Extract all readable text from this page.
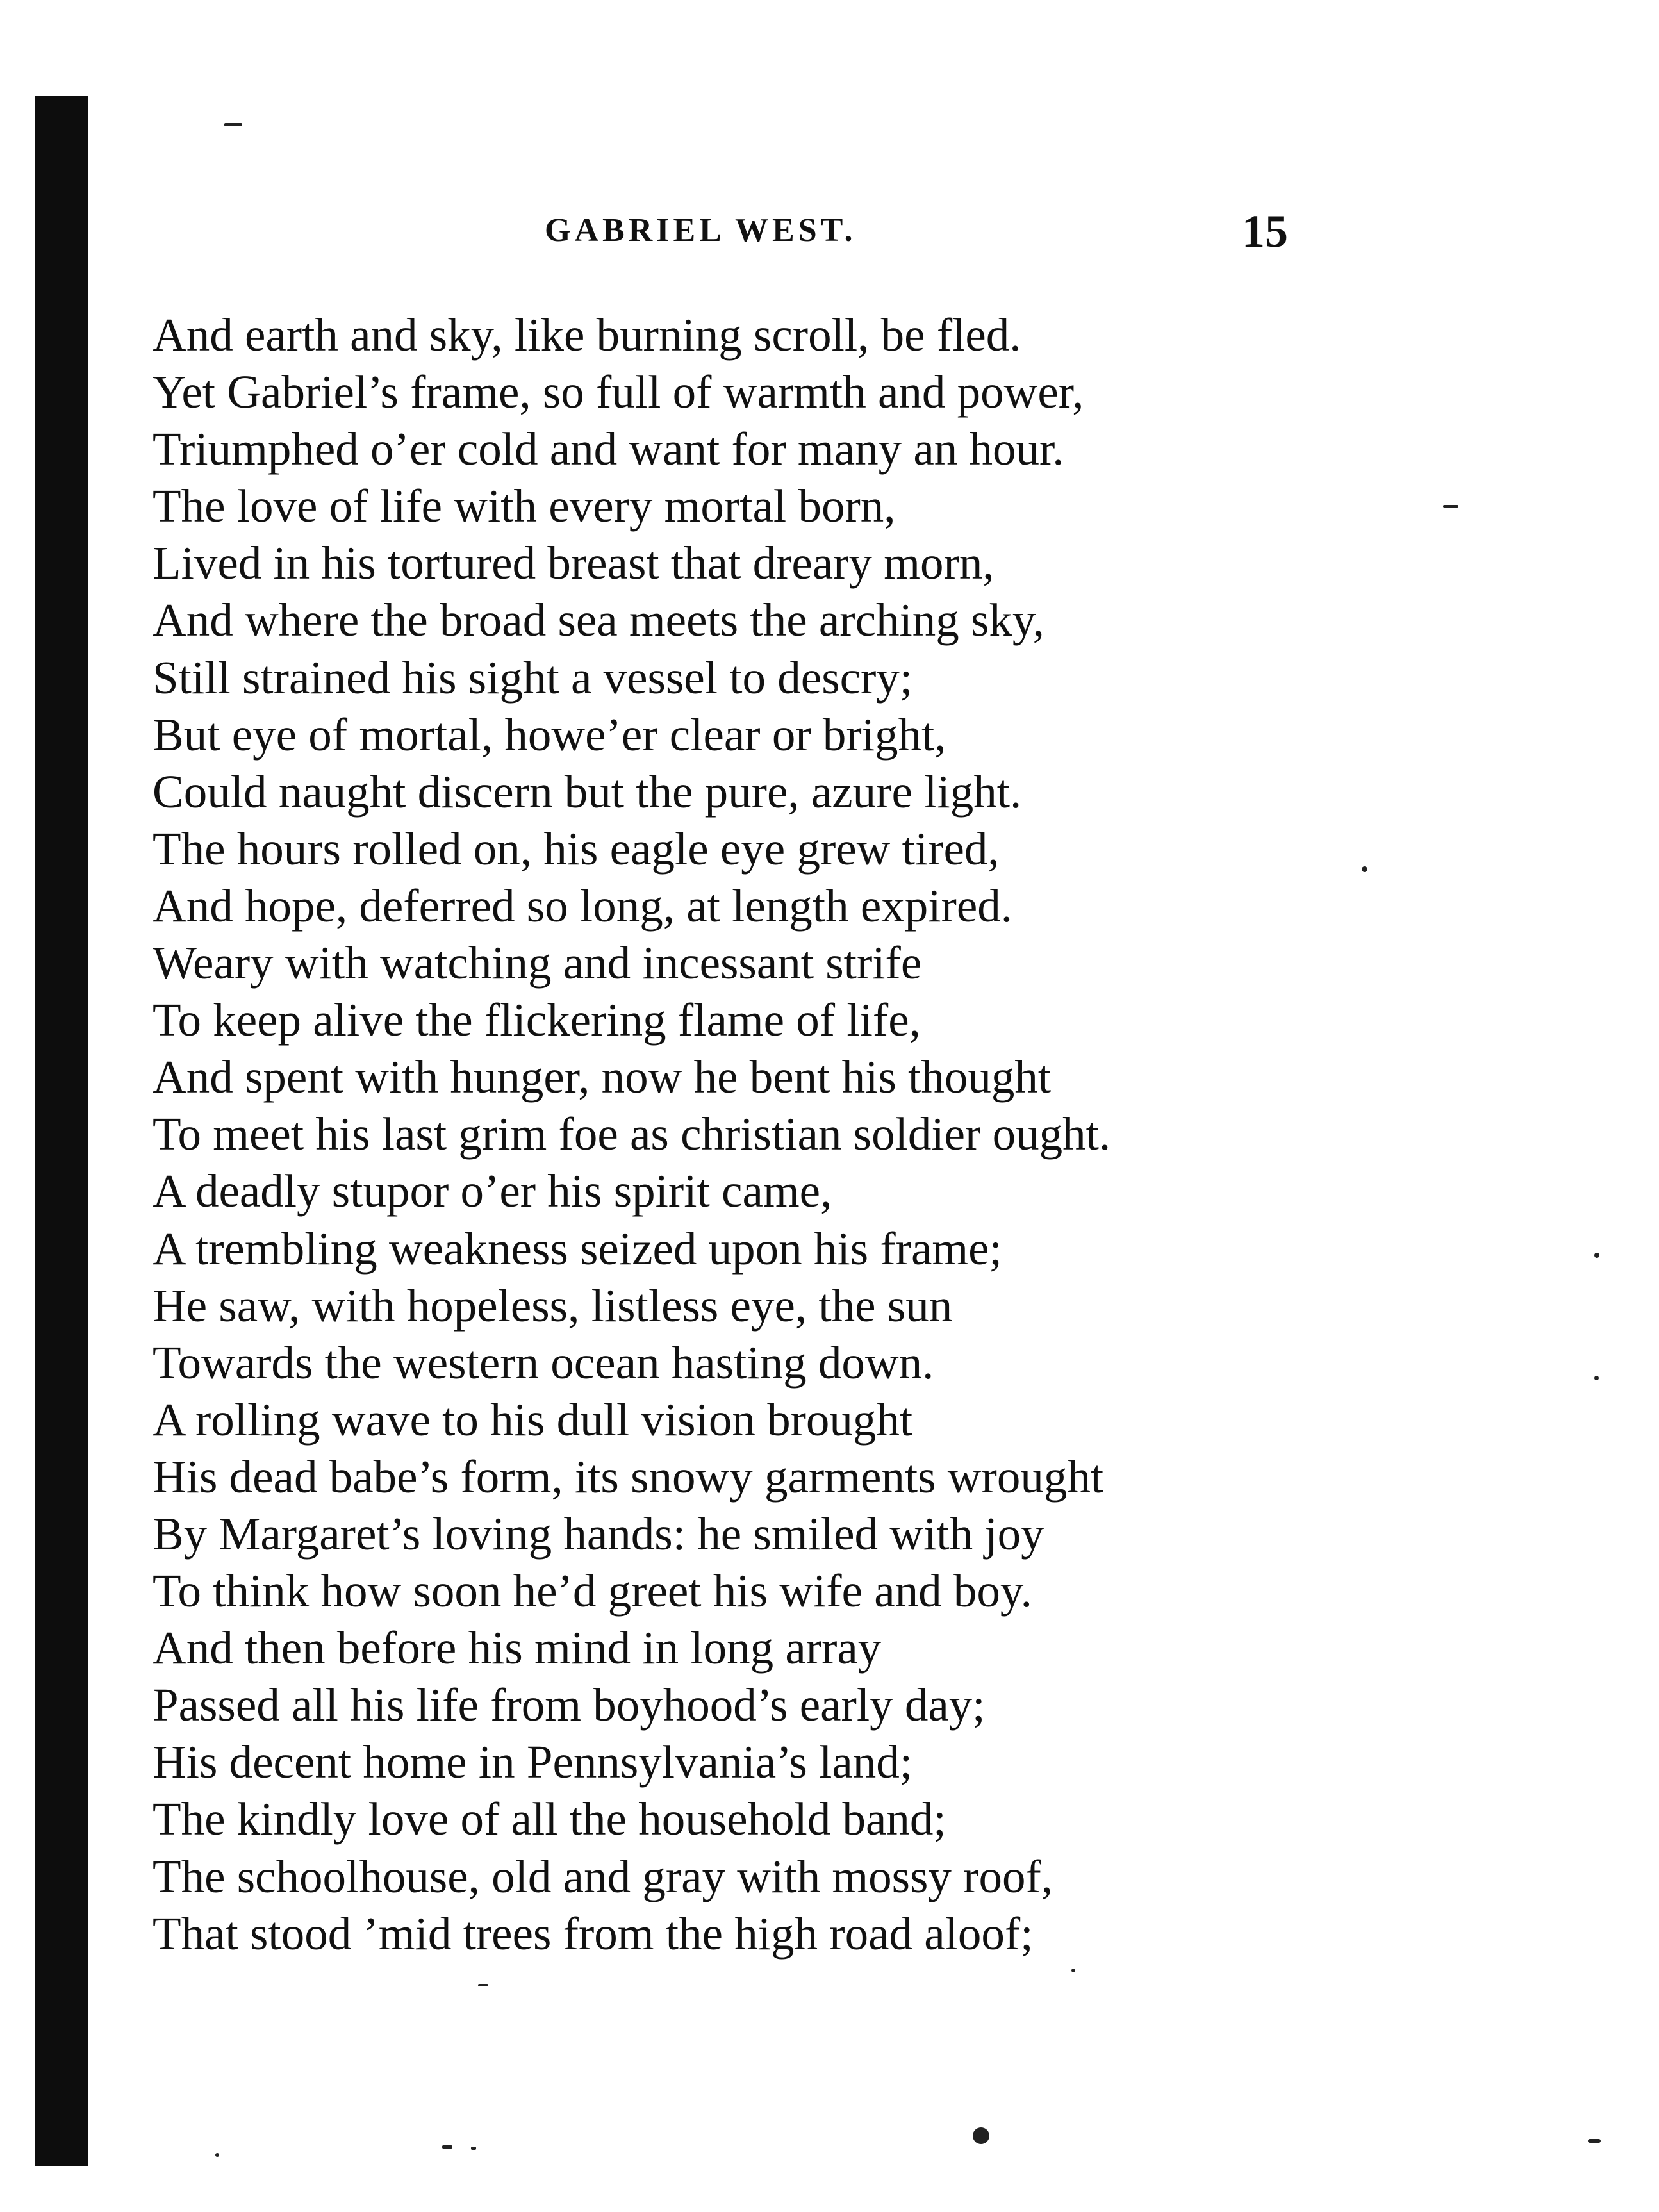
GABRIEL WEST.	15
And earth and sky, like burning scroll, be fled.
Yet Gabriel’s frame, so full of warmth and power,
Triumphed o’er cold and want for many an hour.
The love of life with every mortal born,
Lived in his tortured breast that dreary morn,
And where the broad sea meets the arching sky,
Still strained his sight a vessel to descry;
But eye of mortal, howe’er clear or bright,
Could naught discern but the pure, azure light.
The hours rolled on, his eagle eye grew tired,
And hope, deferred so long, at length expired.
Weary with watching and incessant strife
To keep alive the flickering flame of life,
And spent with hunger, now he bent his thought
To meet his last grim foe as christian soldier ought.
A deadly stupor o’er his spirit came,
A trembling weakness seized upon his frame;
He saw, with hopeless, listless eye, the sun
Towards the western ocean hasting down.
A rolling wave to his dull vision brought
His dead babe’s form, its snowy garments wrought
By Margaret’s loving hands: he smiled with joy
To think how soon he’d greet his wife and boy.
And then before his mind in long array
Passed all his life from boyhood’s early day;
His decent home in Pennsylvania’s land;
The kindly love of all the household band;
The schoolhouse, old and gray with mossy roof,
That stood ’mid trees from the high road aloof;
